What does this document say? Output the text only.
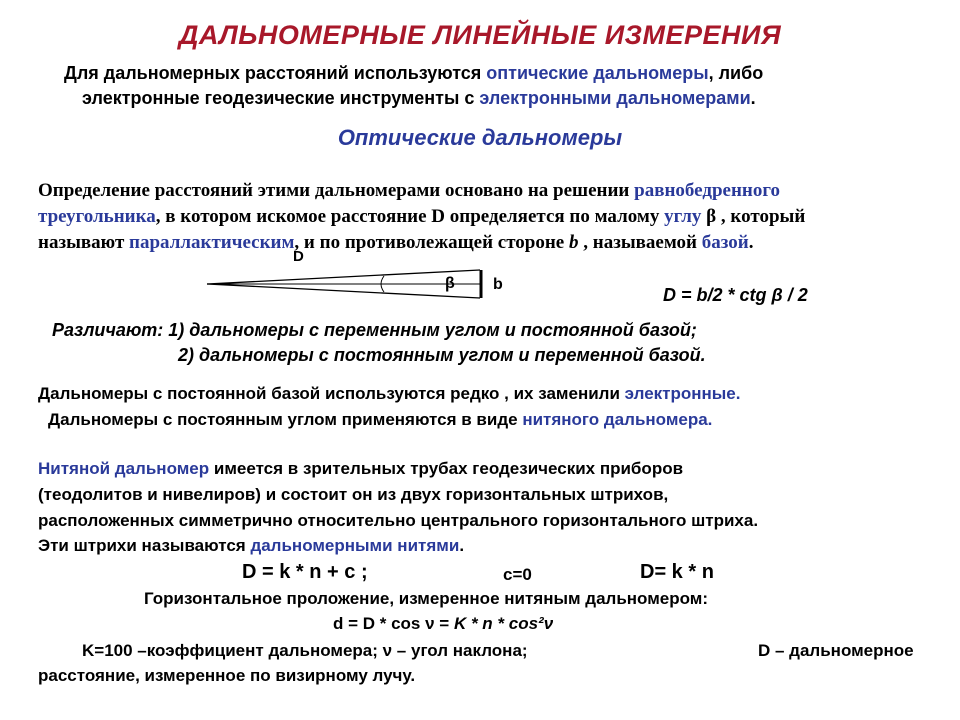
ДАЛЬНОМЕРНЫЕ ЛИНЕЙНЫЕ ИЗМЕРЕНИЯ
Для дальномерных расстояний используются оптические дальномеры, либо
электронные геодезические инструменты с электронными дальномерами.
Оптические дальномеры
Определение расстояний этими дальномерами основано на решении равнобедренного
треугольника, в котором искомое расстояние D определяется по малому углу β , который
называют параллактическим, и по противолежащей стороне b , называемой базой.
D
β b
D = b/2 * ctg β / 2
Различают: 1) дальномеры с переменным углом и постоянной базой;
2) дальномеры с постоянным углом и переменной базой.
Дальномеры с постоянной базой используются редко , их заменили электронные.
Дальномеры с постоянным углом применяются в виде нитяного дальномера.
Нитяной дальномер имеется в зрительных трубах геодезических приборов
(теодолитов и нивелиров) и состоит он из двух горизонтальных штрихов,
расположенных симметрично относительно центрального горизонтального штриха.
Эти штрихи называются дальномерными нитями.
D = k * n + c ;	c=0	D= k * n
Горизонтальное проложение, измеренное нитяным дальномером:
d = D * cos ν = K * n * cos²ν
K=100 –коэффициент дальномера; ν – угол наклона;	D – дальномерное
расстояние, измеренное по визирному лучу.
